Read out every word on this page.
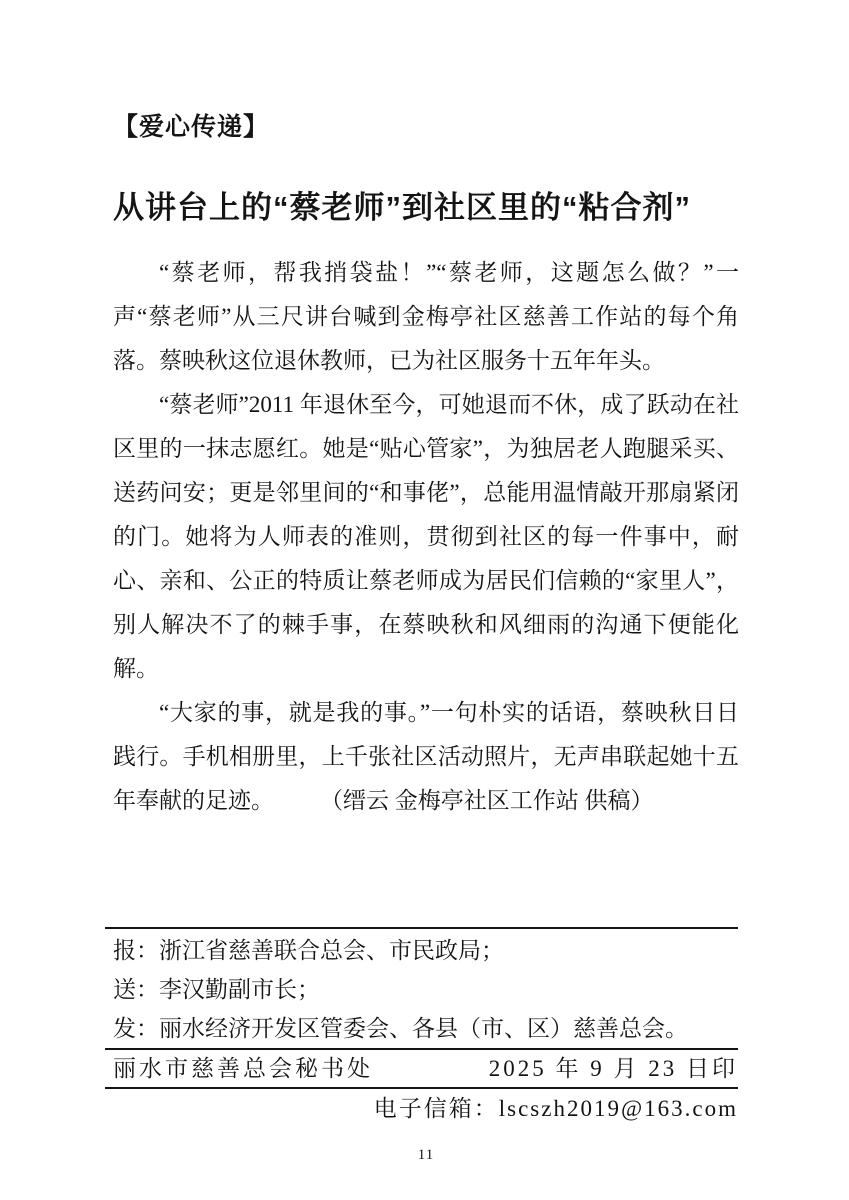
【爱心传递】
从讲台上的“蔡老师”到社区里的“粘合剂”

“蔡老师，帮我捎袋盐！”“蔡老师，这题怎么做？”一声“蔡老师”从三尺讲台喊到金梅亭社区慈善工作站的每个角落。蔡映秋这位退休教师，已为社区服务十五年年头。

“蔡老师”2011 年退休至今，可她退而不休，成了跃动在社区里的一抹志愿红。她是“贴心管家”，为独居老人跑腿采买、送药问安；更是邻里间的“和事佬”，总能用温情敲开那扇紧闭的门。她将为人师表的准则，贯彻到社区的每一件事中，耐心、亲和、公正的特质让蔡老师成为居民们信赖的“家里人”，别人解决不了的棘手事，在蔡映秋和风细雨的沟通下便能化解。

“大家的事，就是我的事。”一句朴实的话语，蔡映秋日日践行。手机相册里，上千张社区活动照片，无声串联起她十五年奉献的足迹。　　　（缙云 金梅亭社区工作站 供稿）

报：浙江省慈善联合总会、市民政局；
送：李汉勤副市长；
发：丽水经济开发区管委会、各县（市、区）慈善总会。
丽水市慈善总会秘书处	2025 年 9 月 23 日印
电子信箱：lscszh2019@163.com
11
